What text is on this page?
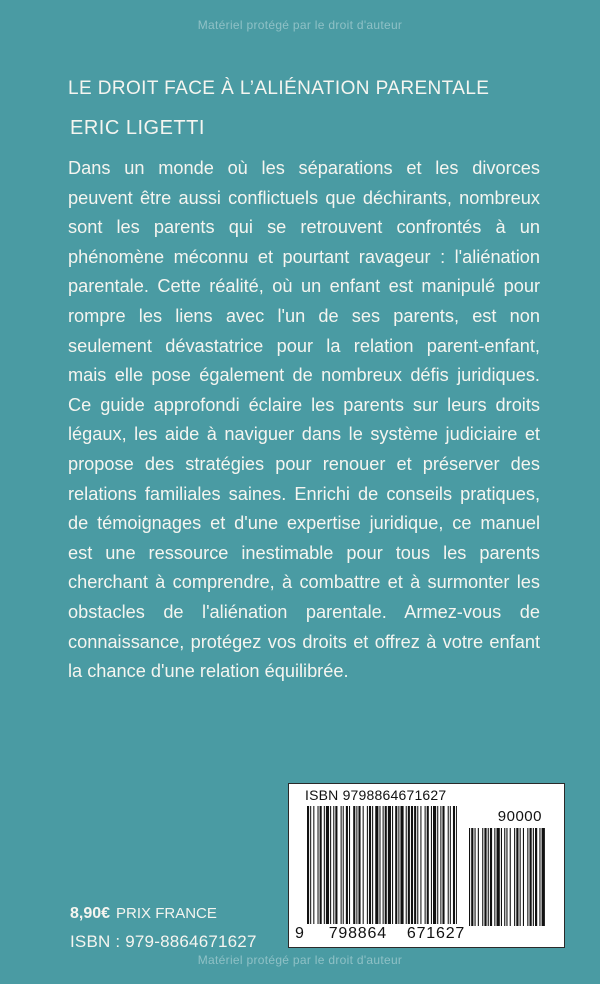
Matériel protégé par le droit d'auteur
LE DROIT FACE À L’ALIÉNATION PARENTALE
ERIC LIGETTI

Dans un monde où les séparations et les divorces peuvent être aussi conflictuels que déchirants, nombreux sont les parents qui se retrouvent confrontés à un phénomène méconnu et pourtant ravageur : l'aliénation parentale. Cette réalité, où un enfant est manipulé pour rompre les liens avec l'un de ses parents, est non seulement dévastatrice pour la relation parent-enfant, mais elle pose également de nombreux défis juridiques. Ce guide approfondi éclaire les parents sur leurs droits légaux, les aide à naviguer dans le système judiciaire et propose des stratégies pour renouer et préserver des relations familiales saines. Enrichi de conseils pratiques, de témoignages et d'une expertise juridique, ce manuel est une ressource inestimable pour tous les parents cherchant à comprendre, à combattre et à surmonter les obstacles de l'aliénation parentale. Armez-vous de connaissance, protégez vos droits et offrez à votre enfant la chance d'une relation équilibrée.

ISBN 9798864671627
90000
9 798864 671627
8,90€ PRIX FRANCE
ISBN : 979-8864671627
Matériel protégé par le droit d'auteur
